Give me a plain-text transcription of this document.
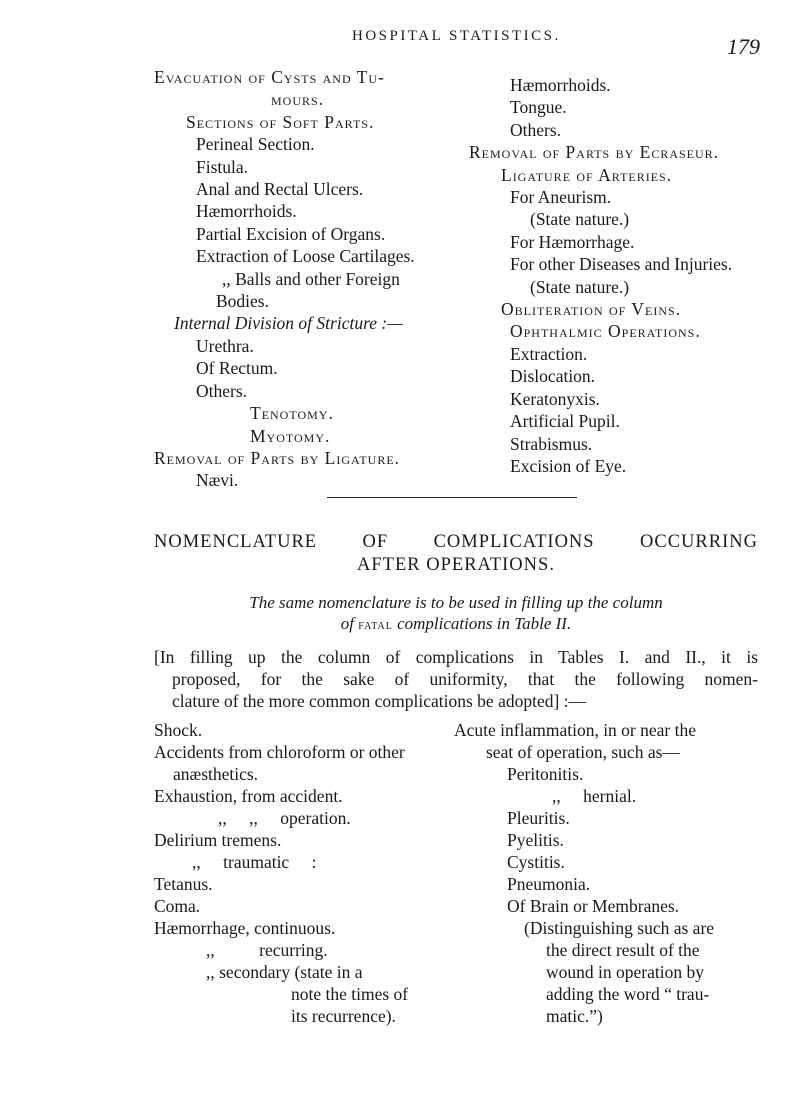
HOSPITAL STATISTICS.	179
Evacuation of Cysts and Tu-
mours.
Sections of Soft Parts.
Perineal Section.
Fistula.
Anal and Rectal Ulcers.
Hæmorrhoids.
Partial Excision of Organs.
Extraction of Loose Cartilages.
,, Balls and other Foreign
Bodies.
Internal Division of Stricture :—
Urethra.
Of Rectum.
Others.
Tenotomy.
Myotomy.
Removal of Parts by Ligature.
Nævi.
Hæmorrhoids.
Tongue.
Others.
Removal of Parts by Ecraseur.
Ligature of Arteries.
For Aneurism.
(State nature.)
For Hæmorrhage.
For other Diseases and Injuries.
(State nature.)
Obliteration of Veins.
Ophthalmic Operations.
Extraction.
Dislocation.
Keratonyxis.
Artificial Pupil.
Strabismus.
Excision of Eye.
NOMENCLATURE OF COMPLICATIONS OCCURRING
AFTER OPERATIONS.
The same nomenclature is to be used in filling up the column
of fatal complications in Table II.
[In filling up the column of complications in Tables I. and II., it is
proposed, for the sake of uniformity, that the following nomen-
clature of the more common complications be adopted] :—
Shock.
Accidents from chloroform or other
anæsthetics.
Exhaustion, from accident.
,, ,, operation.
Delirium tremens.
,, traumatic :
Tetanus.
Coma.
Hæmorrhage, continuous.
,, recurring.
,, secondary (state in a
note the times of
its recurrence).
Acute inflammation, in or near the
seat of operation, such as—
Peritonitis.
,, hernial.
Pleuritis.
Pyelitis.
Cystitis.
Pneumonia.
Of Brain or Membranes.
(Distinguishing such as are
the direct result of the
wound in operation by
adding the word “ trau-
matic.”)
